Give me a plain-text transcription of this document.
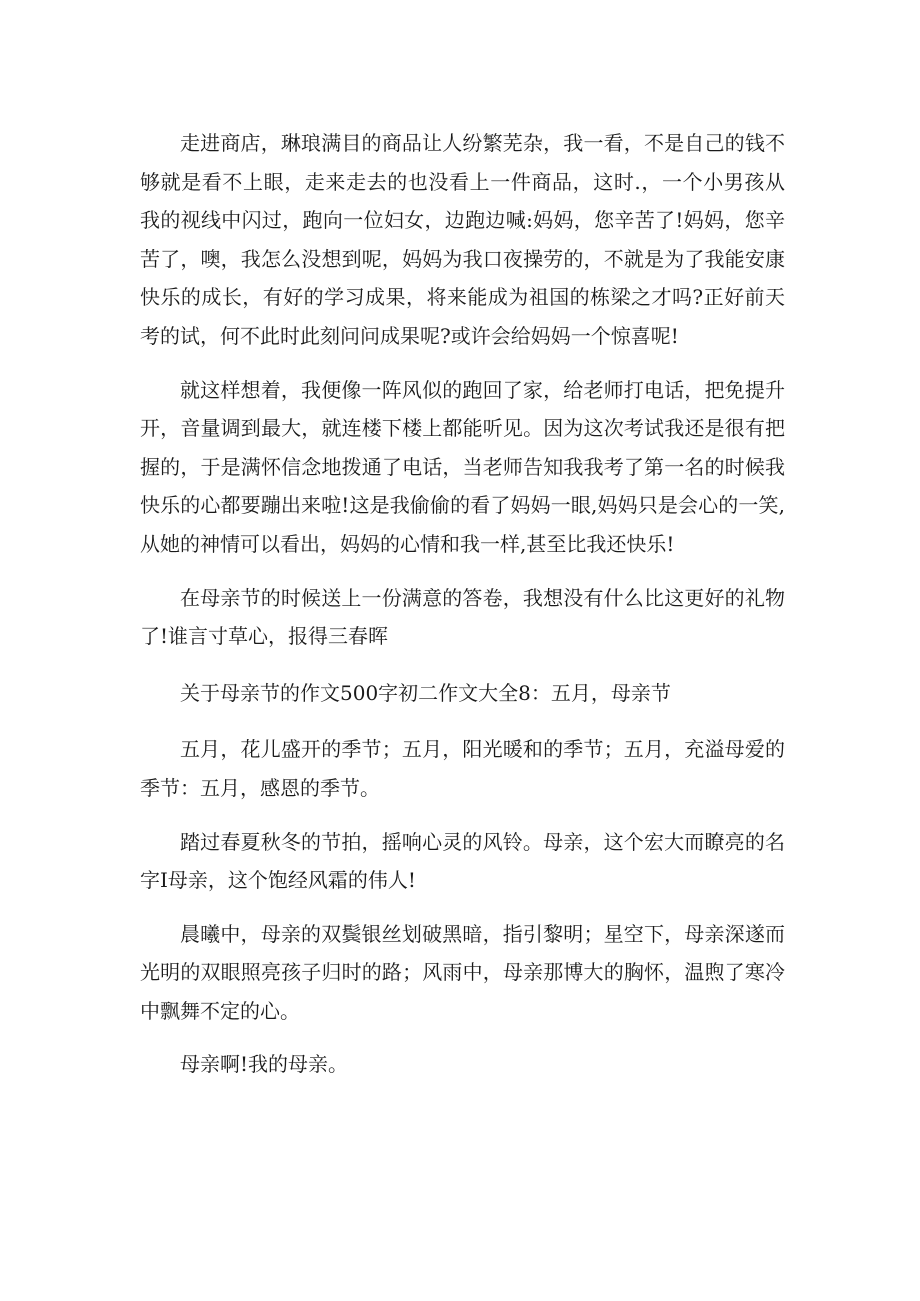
走进商店，琳琅满目的商品让人纷繁芜杂，我一看，不是自己的钱不够就是看不上眼，走来走去的也没看上一件商品，这时.，一个小男孩从我的视线中闪过，跑向一位妇女，边跑边喊:妈妈，您辛苦了!妈妈，您辛苦了，噢，我怎么没想到呢，妈妈为我口夜操劳的，不就是为了我能安康快乐的成长，有好的学习成果，将来能成为祖国的栋梁之才吗?正好前天考的试，何不此时此刻问问成果呢?或许会给妈妈一个惊喜呢!

就这样想着，我便像一阵风似的跑回了家，给老师打电话，把免提升开，音量调到最大，就连楼下楼上都能听见。因为这次考试我还是很有把握的，于是满怀信念地拨通了电话，当老师告知我我考了第一名的时候我快乐的心都要蹦出来啦!这是我偷偷的看了妈妈一眼,妈妈只是会心的一笑,从她的神情可以看出，妈妈的心情和我一样,甚至比我还快乐!

在母亲节的时候送上一份满意的答卷，我想没有什么比这更好的礼物了!谁言寸草心，报得三春晖

关于母亲节的作文500字初二作文大全8：五月，母亲节

五月，花儿盛开的季节；五月，阳光暖和的季节；五月，充溢母爱的季节：五月，感恩的季节。

踏过春夏秋冬的节拍，摇响心灵的风铃。母亲，这个宏大而瞭亮的名字I母亲，这个饱经风霜的伟人!

晨曦中，母亲的双鬓银丝划破黑暗，指引黎明；星空下，母亲深遂而光明的双眼照亮孩子归时的路；风雨中，母亲那博大的胸怀，温煦了寒冷中飘舞不定的心。

母亲啊!我的母亲。
